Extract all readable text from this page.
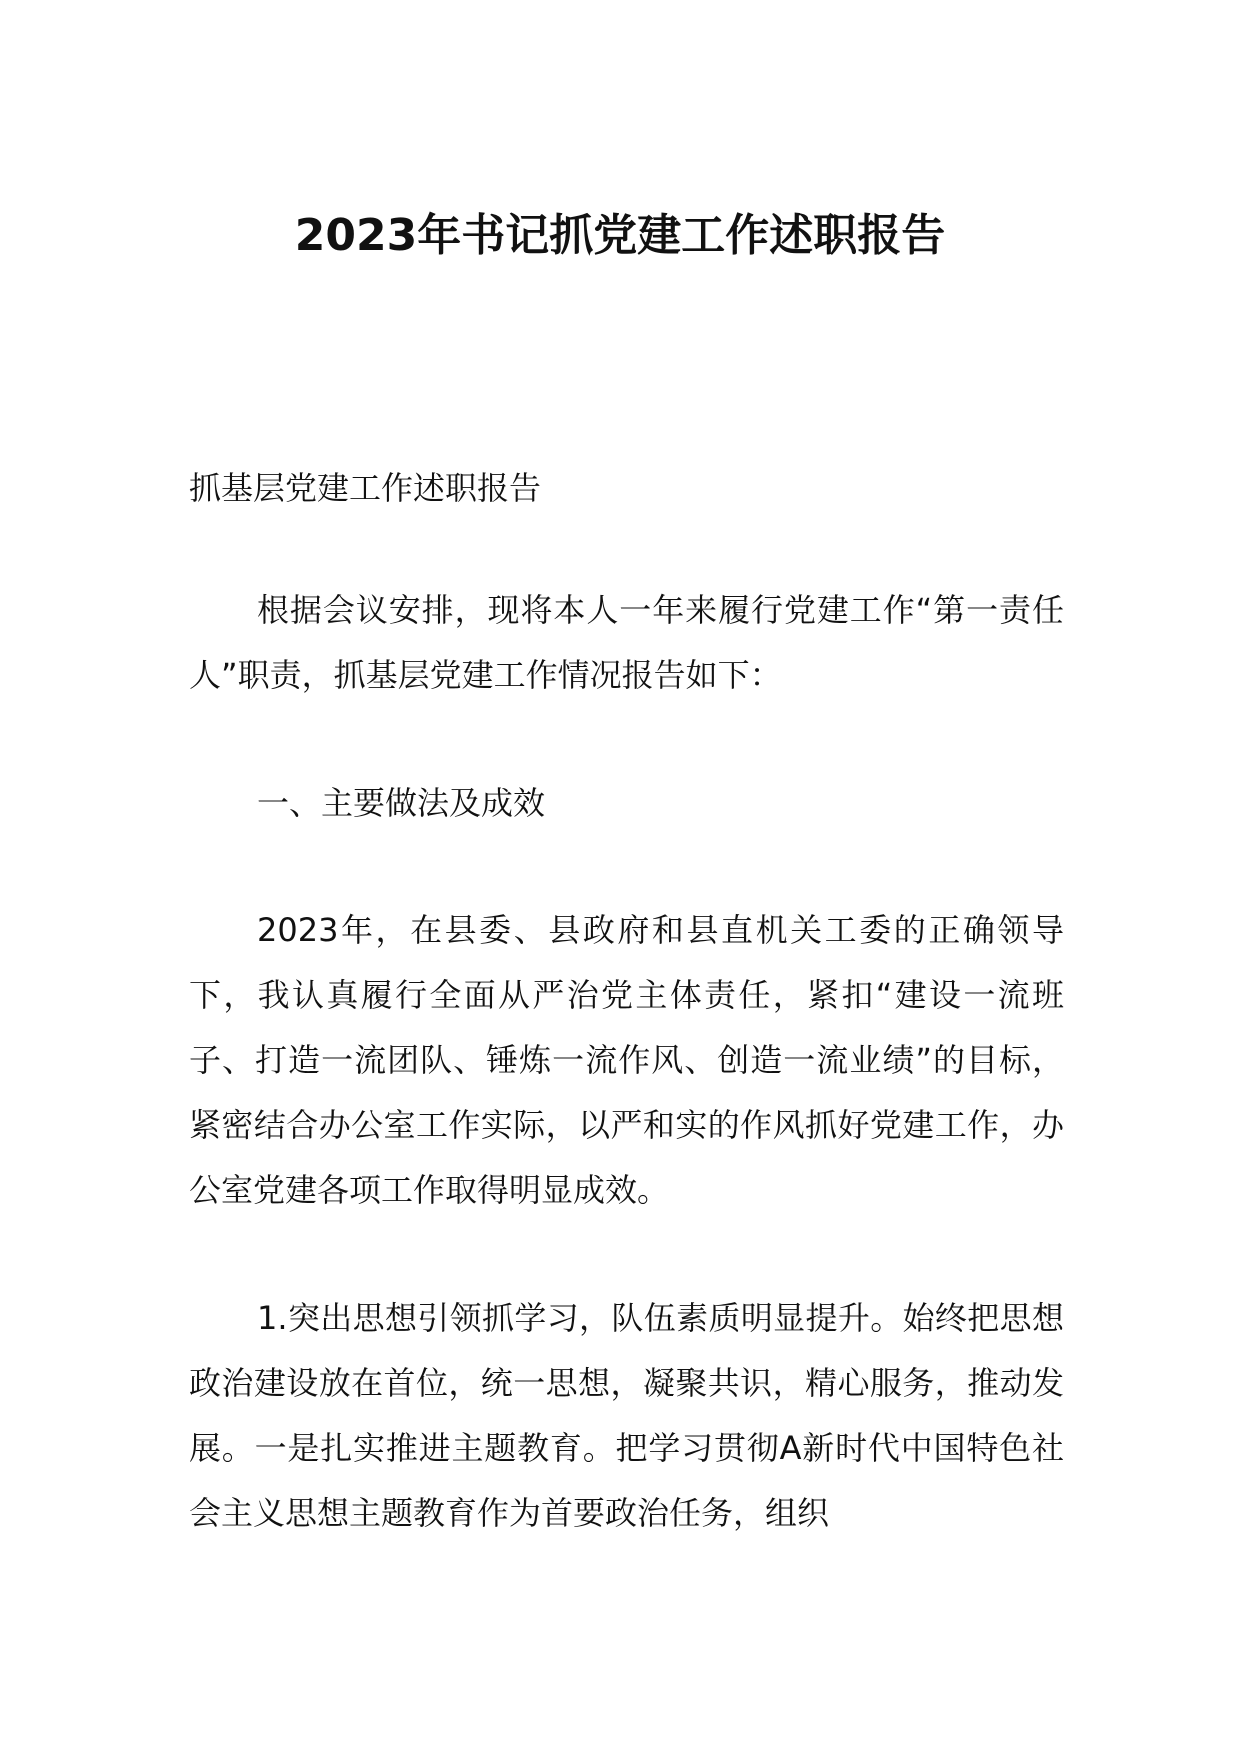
2023年书记抓党建工作述职报告

抓基层党建工作述职报告

根据会议安排，现将本人一年来履行党建工作“第一责任人”职责，抓基层党建工作情况报告如下：

一、主要做法及成效

2023年，在县委、县政府和县直机关工委的正确领导下，我认真履行全面从严治党主体责任，紧扣“建设一流班子、打造一流团队、锤炼一流作风、创造一流业绩”的目标，紧密结合办公室工作实际，以严和实的作风抓好党建工作，办公室党建各项工作取得明显成效。

1.突出思想引领抓学习，队伍素质明显提升。始终把思想政治建设放在首位，统一思想，凝聚共识，精心服务，推动发展。一是扎实推进主题教育。把学习贯彻A新时代中国特色社会主义思想主题教育作为首要政治任务，组织
